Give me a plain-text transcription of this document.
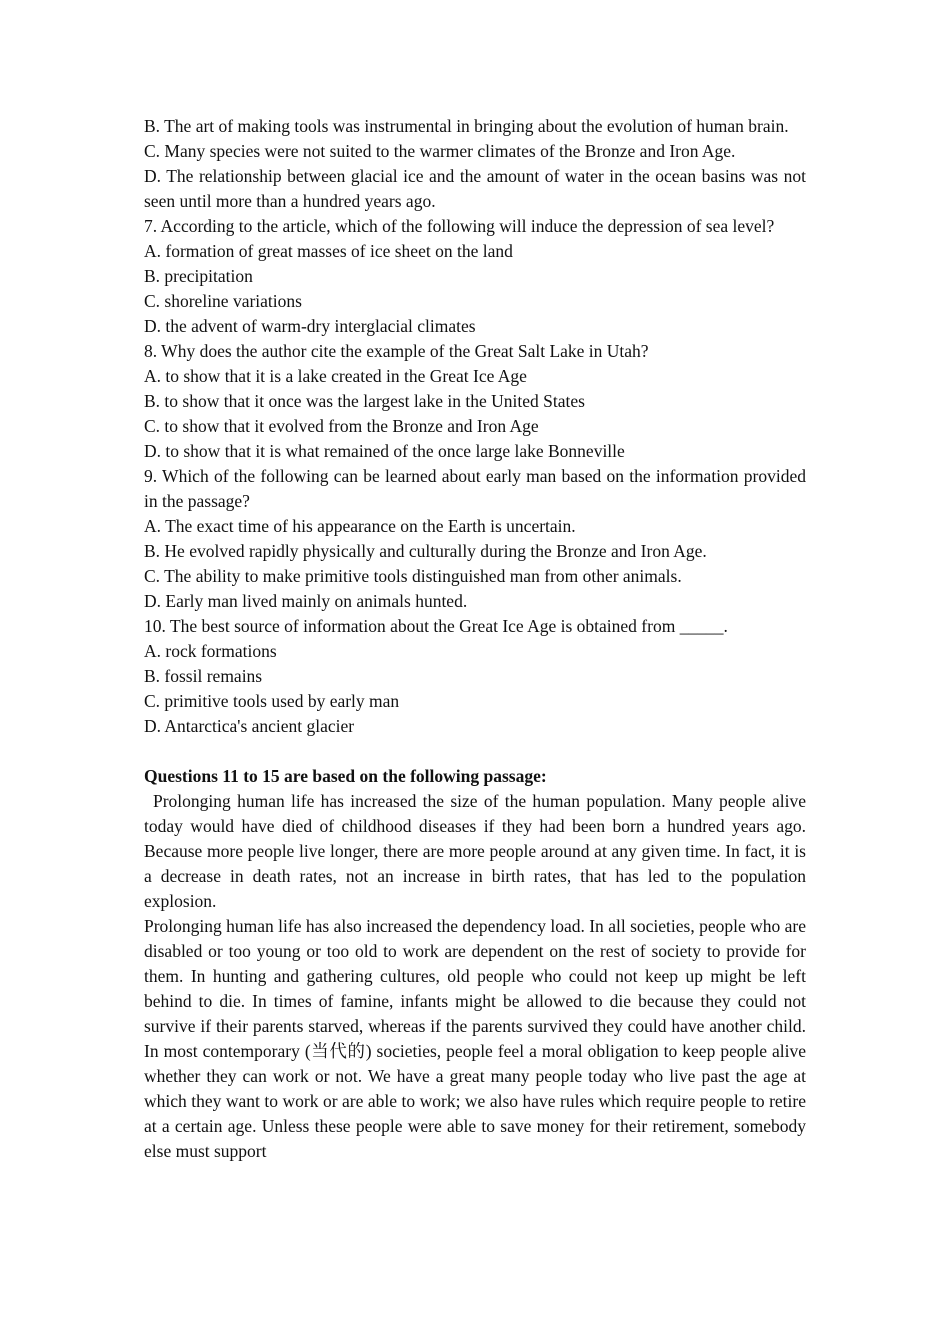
B. The art of making tools was instrumental in bringing about the evolution of human brain.
C. Many species were not suited to the warmer climates of the Bronze and Iron Age.
D. The relationship between glacial ice and the amount of water in the ocean basins was not seen until more than a hundred years ago.
7. According to the article, which of the following will induce the depression of sea level?
A. formation of great masses of ice sheet on the land
B. precipitation
C. shoreline variations
D. the advent of warm-dry interglacial climates
8. Why does the author cite the example of the Great Salt Lake in Utah?
A. to show that it is a lake created in the Great Ice Age
B. to show that it once was the largest lake in the United States
C. to show that it evolved from the Bronze and Iron Age
D. to show that it is what remained of the once large lake Bonneville
9. Which of the following can be learned about early man based on the information provided in the passage?
A. The exact time of his appearance on the Earth is uncertain.
B. He evolved rapidly physically and culturally during the Bronze and Iron Age.
C. The ability to make primitive tools distinguished man from other animals.
D. Early man lived mainly on animals hunted.
10. The best source of information about the Great Ice Age is obtained from _____.
A. rock formations
B. fossil remains
C. primitive tools used by early man
D. Antarctica's ancient glacier
Questions 11 to 15 are based on the following passage:
Prolonging human life has increased the size of the human population. Many people alive today would have died of childhood diseases if they had been born a hundred years ago. Because more people live longer, there are more people around at any given time. In fact, it is a decrease in death rates, not an increase in birth rates, that has led to the population explosion.
Prolonging human life has also increased the dependency load. In all societies, people who are disabled or too young or too old to work are dependent on the rest of society to provide for them. In hunting and gathering cultures, old people who could not keep up might be left behind to die. In times of famine, infants might be allowed to die because they could not survive if their parents starved, whereas if the parents survived they could have another child. In most contemporary (当代的) societies, people feel a moral obligation to keep people alive whether they can work or not. We have a great many people today who live past the age at which they want to work or are able to work; we also have rules which require people to retire at a certain age. Unless these people were able to save money for their retirement, somebody else must support
